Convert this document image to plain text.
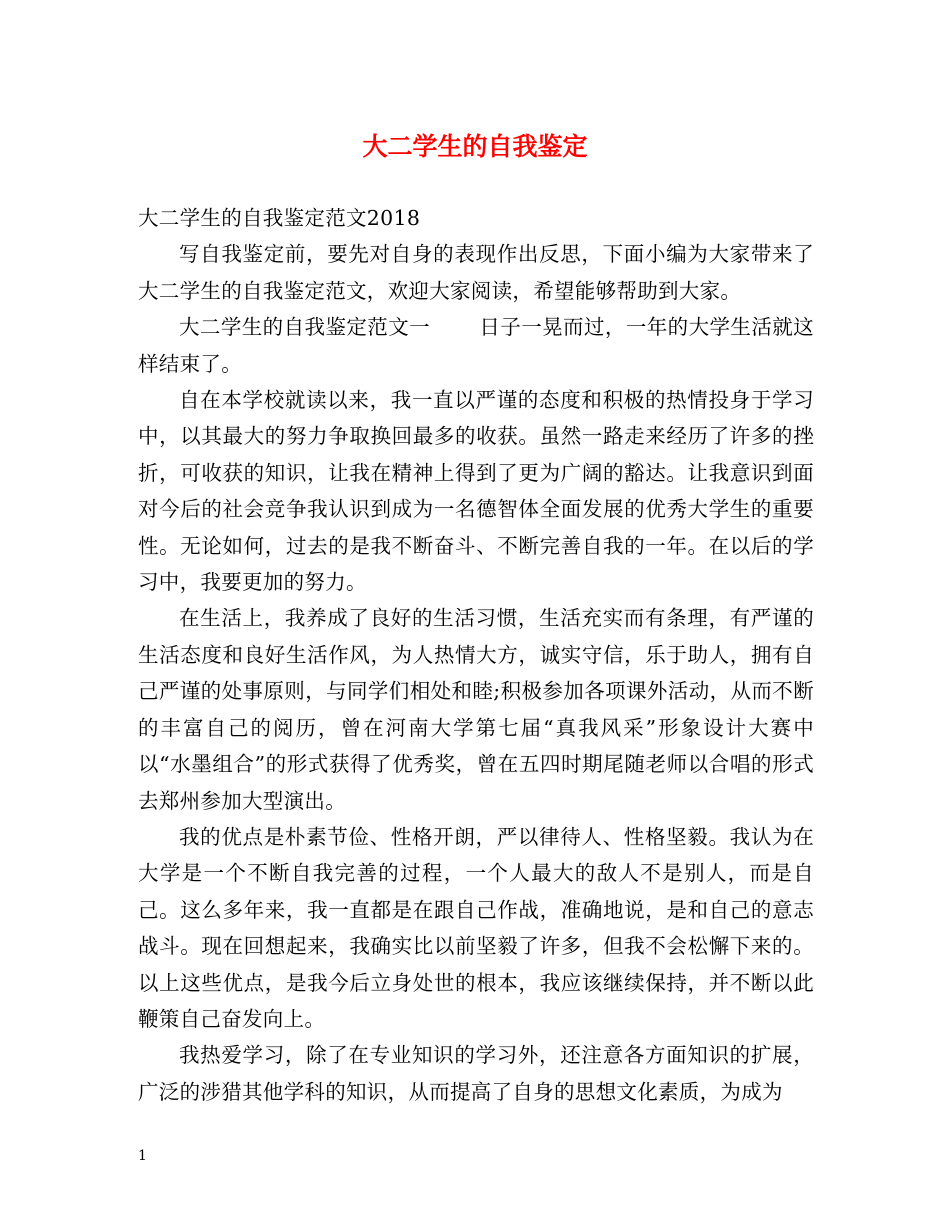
大二学生的自我鉴定

大二学生的自我鉴定范文2018

写自我鉴定前，要先对自身的表现作出反思，下面小编为大家带来了大二学生的自我鉴定范文，欢迎大家阅读，希望能够帮助到大家。

大二学生的自我鉴定范文一 日子一晃而过，一年的大学生活就这样结束了。

自在本学校就读以来，我一直以严谨的态度和积极的热情投身于学习中，以其最大的努力争取换回最多的收获。虽然一路走来经历了许多的挫折，可收获的知识，让我在精神上得到了更为广阔的豁达。让我意识到面对今后的社会竞争我认识到成为一名德智体全面发展的优秀大学生的重要性。无论如何，过去的是我不断奋斗、不断完善自我的一年。在以后的学习中，我要更加的努力。

在生活上，我养成了良好的生活习惯，生活充实而有条理，有严谨的生活态度和良好生活作风，为人热情大方，诚实守信，乐于助人，拥有自己严谨的处事原则，与同学们相处和睦;积极参加各项课外活动，从而不断的丰富自己的阅历，曾在河南大学第七届“真我风采”形象设计大赛中以“水墨组合”的形式获得了优秀奖，曾在五四时期尾随老师以合唱的形式去郑州参加大型演出。

我的优点是朴素节俭、性格开朗，严以律待人、性格坚毅。我认为在大学是一个不断自我完善的过程，一个人最大的敌人不是别人，而是自己。这么多年来，我一直都是在跟自己作战，准确地说，是和自己的意志战斗。现在回想起来，我确实比以前坚毅了许多，但我不会松懈下来的。以上这些优点，是我今后立身处世的根本，我应该继续保持，并不断以此鞭策自己奋发向上。

我热爱学习，除了在专业知识的学习外，还注意各方面知识的扩展，广泛的涉猎其他学科的知识，从而提高了自身的思想文化素质，为成为

1
